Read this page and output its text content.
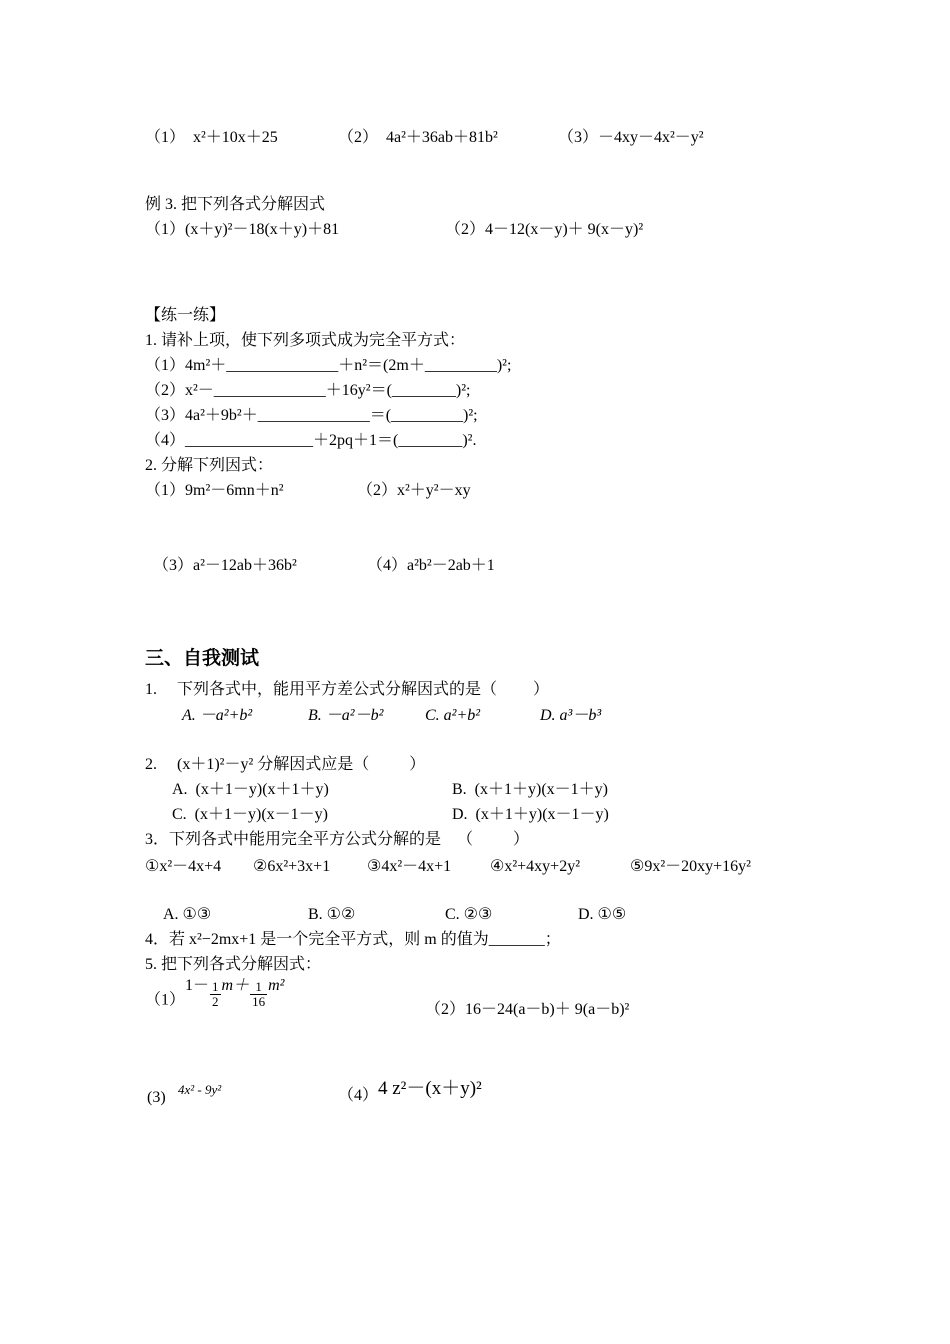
（1）  x²＋10x＋25	（2）  4a²＋36ab＋81b²	（3）－4xy－4x²－y²
例 3. 把下列各式分解因式
（1）(x＋y)²－18(x＋y)＋81	（2）4－12(x－y)＋ 9(x－y)²
【练一练】
1. 请补上项，使下列多项式成为完全平方式：
（1）4m²＋______________＋n²＝(2m＋_________)²;
（2）x²－______________＋16y²＝(________)²;
（3）4a²＋9b²＋______________＝(_________)²;
（4）________________＋2pq＋1＝(________)².
2. 分解下列因式：
（1）9m²－6mn＋n²	（2）x²＋y²－xy
（3）a²－12ab＋36b²	（4）a²b²－2ab＋1
三、自我测试
1.     下列各式中，能用平方差公式分解因式的是（         ）
A. －a²+b²	B. －a²－b²	C. a²+b²	D. a³－b³
2.     (x＋1)²－y² 分解因式应是（          ）
A.  (x＋1－y)(x＋1＋y)	B.  (x＋1＋y)(x－1＋y)
C.  (x＋1－y)(x－1－y)	D.  (x＋1＋y)(x－1－y)
3．下列各式中能用完全平方公式分解的是    （          ）
①x²－4x+4 ②6x²+3x+1 ③4x²－4x+1 ④x²+4xy+2y²	⑤9x²－20xy+16y²
A. ①③	B. ①②	C. ②③	D. ①⑤
4．若 x²−2mx+1 是一个完全平方式，则 m 的值为_______；
5. 把下列各式分解因式：
$(1)1- \frac{1}{2} m+ \frac{1}{16} m^2$
（2）16－24(a－b)＋ 9(a－b)²
(3) 4x² - 9y²	（4） 4 z²－(x＋y)²
